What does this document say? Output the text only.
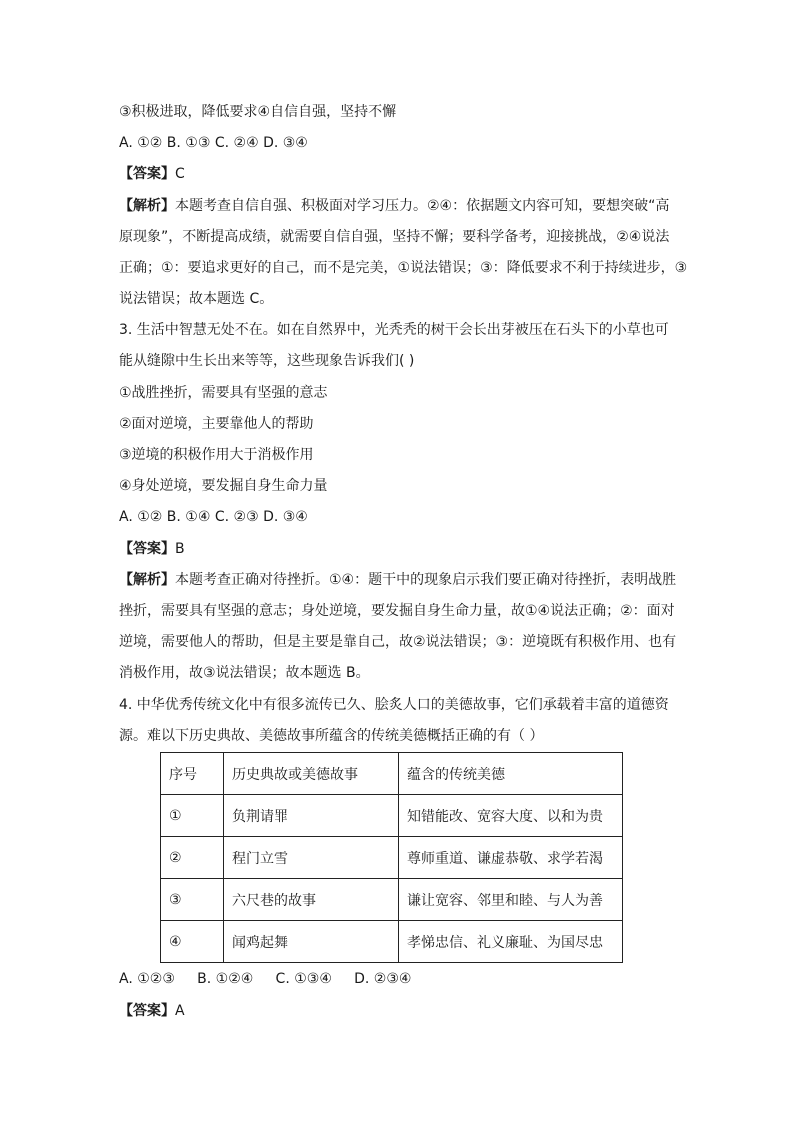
③积极进取，降低要求④自信自强，坚持不懈
A. ①② B. ①③ C. ②④ D. ③④
【答案】C
【解析】本题考查自信自强、积极面对学习压力。②④：依据题文内容可知，要想突破“高
原现象”，不断提高成绩，就需要自信自强，坚持不懈；要科学备考，迎接挑战，②④说法
正确；①：要追求更好的自己，而不是完美，①说法错误；③：降低要求不利于持续进步，③
说法错误；故本题选 C。
3. 生活中智慧无处不在。如在自然界中，光秃秃的树干会长出芽被压在石头下的小草也可
能从缝隙中生长出来等等，这些现象告诉我们( )
①战胜挫折，需要具有坚强的意志
②面对逆境，主要靠他人的帮助
③逆境的积极作用大于消极作用
④身处逆境，要发掘自身生命力量
A. ①② B. ①④ C. ②③ D. ③④
【答案】B
【解析】本题考查正确对待挫折。①④：题干中的现象启示我们要正确对待挫折，表明战胜
挫折，需要具有坚强的意志；身处逆境，要发掘自身生命力量，故①④说法正确；②：面对
逆境，需要他人的帮助，但是主要是靠自己，故②说法错误；③：逆境既有积极作用、也有
消极作用，故③说法错误；故本题选 B。
4. 中华优秀传统文化中有很多流传已久、脍炙人口的美德故事，它们承载着丰富的道德资
源。难以下历史典故、美德故事所蕴含的传统美德概括正确的有（ ）
序号	历史典故或美德故事	蕴含的传统美德
①	负荆请罪	知错能改、宽容大度、以和为贵
②	程门立雪	尊师重道、谦虚恭敬、求学若渴
③	六尺巷的故事	谦让宽容、邻里和睦、与人为善
④	闻鸡起舞	孝悌忠信、礼义廉耻、为国尽忠
A. ①②③     B. ①②④     C. ①③④     D. ②③④
【答案】A
